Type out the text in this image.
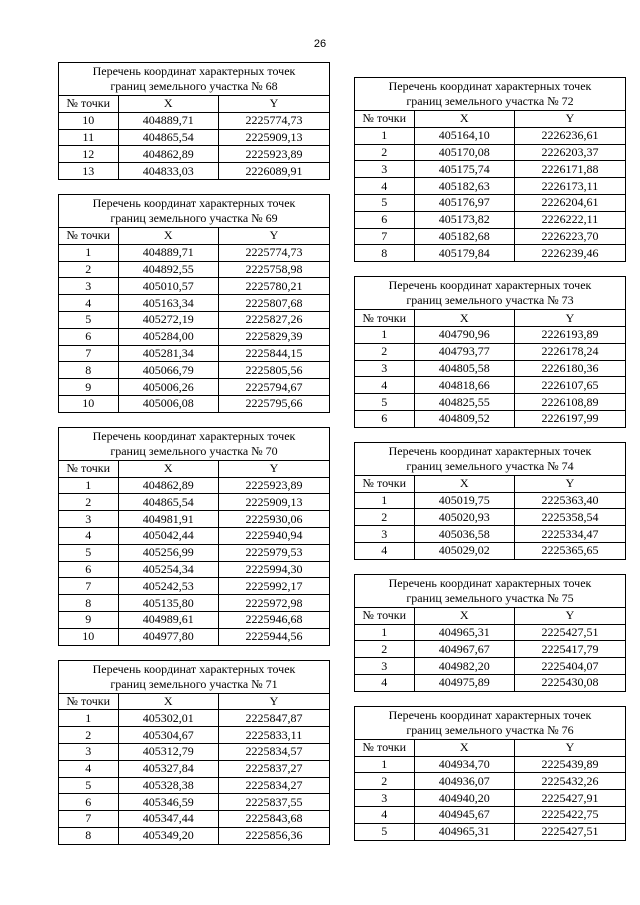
26
Перечень координат характерных точек
границ земельного участка № 68		

№ точки	X	Y
10	404889,71	2225774,73
11	404865,54	2225909,13
12	404862,89	2225923,89
13	404833,03	2226089,91
Перечень координат характерных точек
границ земельного участка № 69		

№ точки	X	Y
1	404889,71	2225774,73
2	404892,55	2225758,98
3	405010,57	2225780,21
4	405163,34	2225807,68
5	405272,19	2225827,26
6	405284,00	2225829,39
7	405281,34	2225844,15
8	405066,79	2225805,56
9	405006,26	2225794,67
10	405006,08	2225795,66
Перечень координат характерных точек
границ земельного участка № 70		

№ точки	X	Y
1	404862,89	2225923,89
2	404865,54	2225909,13
3	404981,91	2225930,06
4	405042,44	2225940,94
5	405256,99	2225979,53
6	405254,34	2225994,30
7	405242,53	2225992,17
8	405135,80	2225972,98
9	404989,61	2225946,68
10	404977,80	2225944,56
Перечень координат характерных точек
границ земельного участка № 71		

№ точки	X	Y
1	405302,01	2225847,87
2	405304,67	2225833,11
3	405312,79	2225834,57
4	405327,84	2225837,27
5	405328,38	2225834,27
6	405346,59	2225837,55
7	405347,44	2225843,68
8	405349,20	2225856,36
Перечень координат характерных точек
границ земельного участка № 72		

№ точки	X	Y
1	405164,10	2226236,61
2	405170,08	2226203,37
3	405175,74	2226171,88
4	405182,63	2226173,11
5	405176,97	2226204,61
6	405173,82	2226222,11
7	405182,68	2226223,70
8	405179,84	2226239,46
Перечень координат характерных точек
границ земельного участка № 73		

№ точки	X	Y
1	404790,96	2226193,89
2	404793,77	2226178,24
3	404805,58	2226180,36
4	404818,66	2226107,65
5	404825,55	2226108,89
6	404809,52	2226197,99
Перечень координат характерных точек
границ земельного участка № 74		

№ точки	X	Y
1	405019,75	2225363,40
2	405020,93	2225358,54
3	405036,58	2225334,47
4	405029,02	2225365,65
Перечень координат характерных точек
границ земельного участка № 75		

№ точки	X	Y
1	404965,31	2225427,51
2	404967,67	2225417,79
3	404982,20	2225404,07
4	404975,89	2225430,08
Перечень координат характерных точек
границ земельного участка № 76		

№ точки	X	Y
1	404934,70	2225439,89
2	404936,07	2225432,26
3	404940,20	2225427,91
4	404945,67	2225422,75
5	404965,31	2225427,51
